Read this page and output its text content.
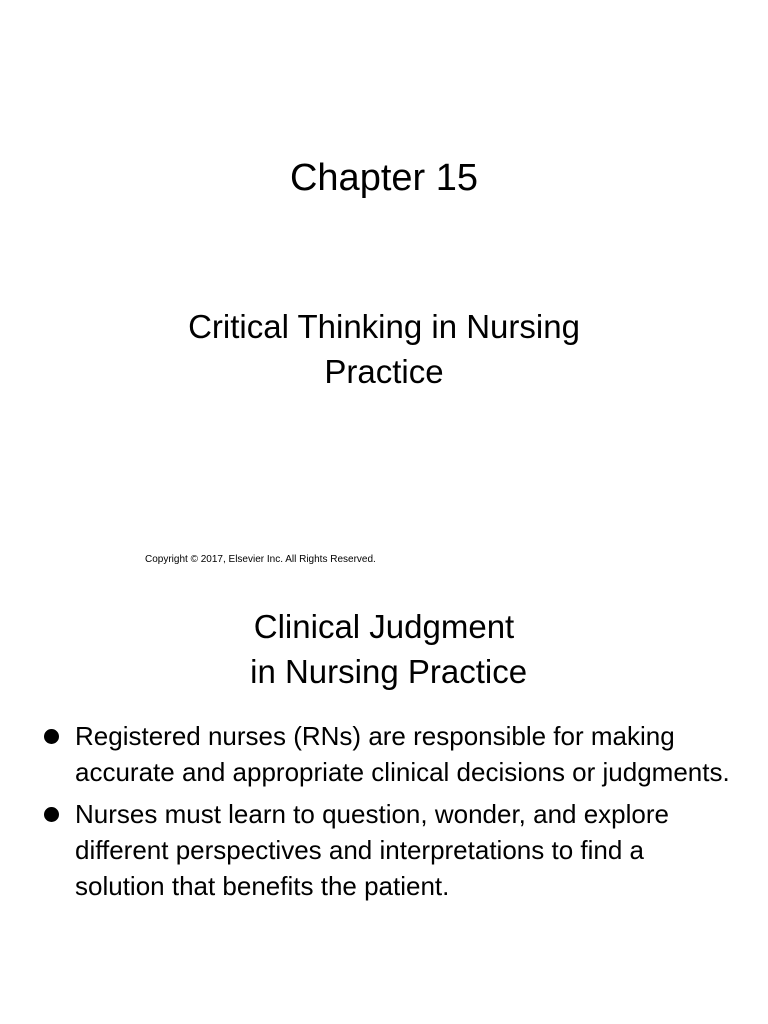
Chapter 15
Critical Thinking in Nursing
Practice
Copyright © 2017, Elsevier Inc. All Rights Reserved.
Clinical Judgment
in Nursing Practice
Registered nurses (RNs) are responsible for making accurate and appropriate clinical decisions or judgments.
Nurses must learn to question, wonder, and explore different perspectives and interpretations to find a solution that benefits the patient.
